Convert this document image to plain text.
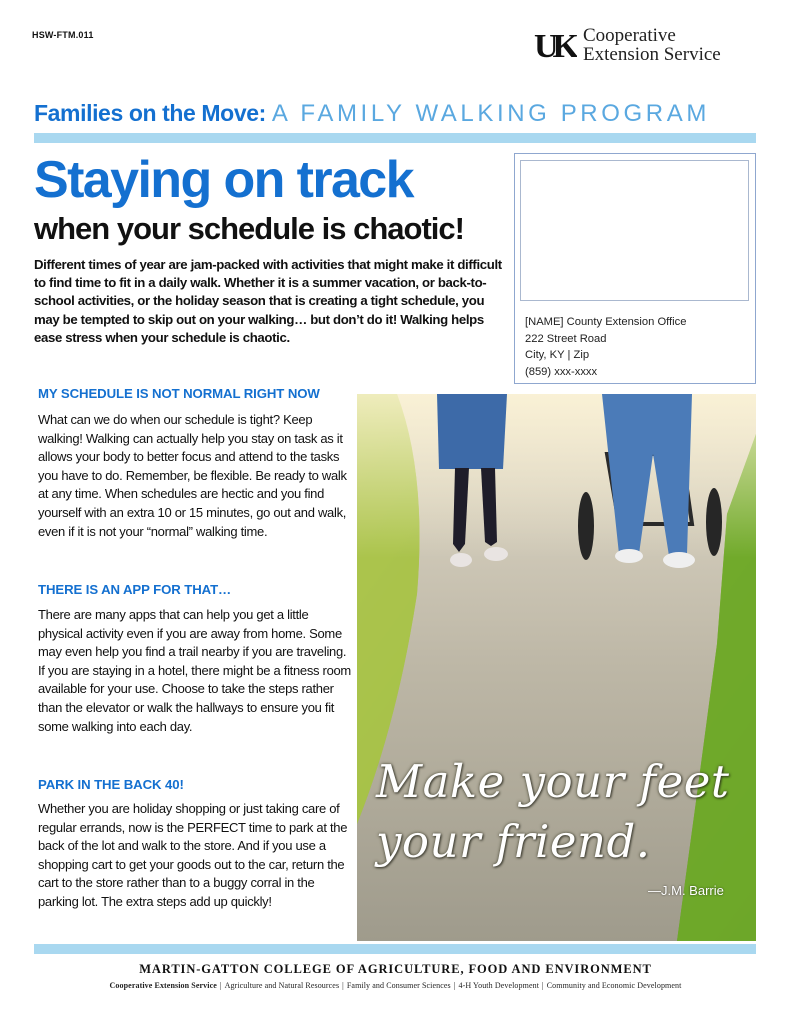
HSW-FTM.011	UK Cooperative
Extension Service
Families on the Move: A FAMILY WALKING PROGRAM
Staying on track
when your schedule is chaotic!
Different times of year are jam-packed with activities that might make it difficult to find time to fit in a daily walk. Whether it is a summer vacation, or back-to-school activities, or the holiday season that is creating a tight schedule, you may be tempted to skip out on your walking… but don’t do it! Walking helps ease stress when your schedule is chaotic.
[NAME] County Extension Office
222 Street Road
City, KY | Zip
(859) xxx-xxxx
MY SCHEDULE IS NOT NORMAL RIGHT NOW
What can we do when our schedule is tight? Keep walking! Walking can actually help you stay on task as it allows your body to better focus and attend to the tasks you have to do. Remember, be flexible. Be ready to walk at any time. When schedules are hectic and you find yourself with an extra 10 or 15 minutes, go out and walk, even if it is not your “normal” walking time.
THERE IS AN APP FOR THAT…
There are many apps that can help you get a little physical activity even if you are away from home. Some may even help you find a trail nearby if you are traveling. If you are staying in a hotel, there might be a fitness room available for your use. Choose to take the steps rather than the elevator or walk the hallways to ensure you fit some walking into each day.
PARK IN THE BACK 40!
Whether you are holiday shopping or just taking care of regular errands, now is the PERFECT time to park at the back of the lot and walk to the store. And if you use a shopping cart to get your goods out to the car, return the cart to the store rather than to a buggy corral in the parking lot. The extra steps add up quickly!
Make your feet
your friend.
—J.M. Barrie
MARTIN-GATTON COLLEGE OF AGRICULTURE, FOOD AND ENVIRONMENT
Cooperative Extension Service | Agriculture and Natural Resources | Family and Consumer Sciences | 4-H Youth Development | Community and Economic Development
